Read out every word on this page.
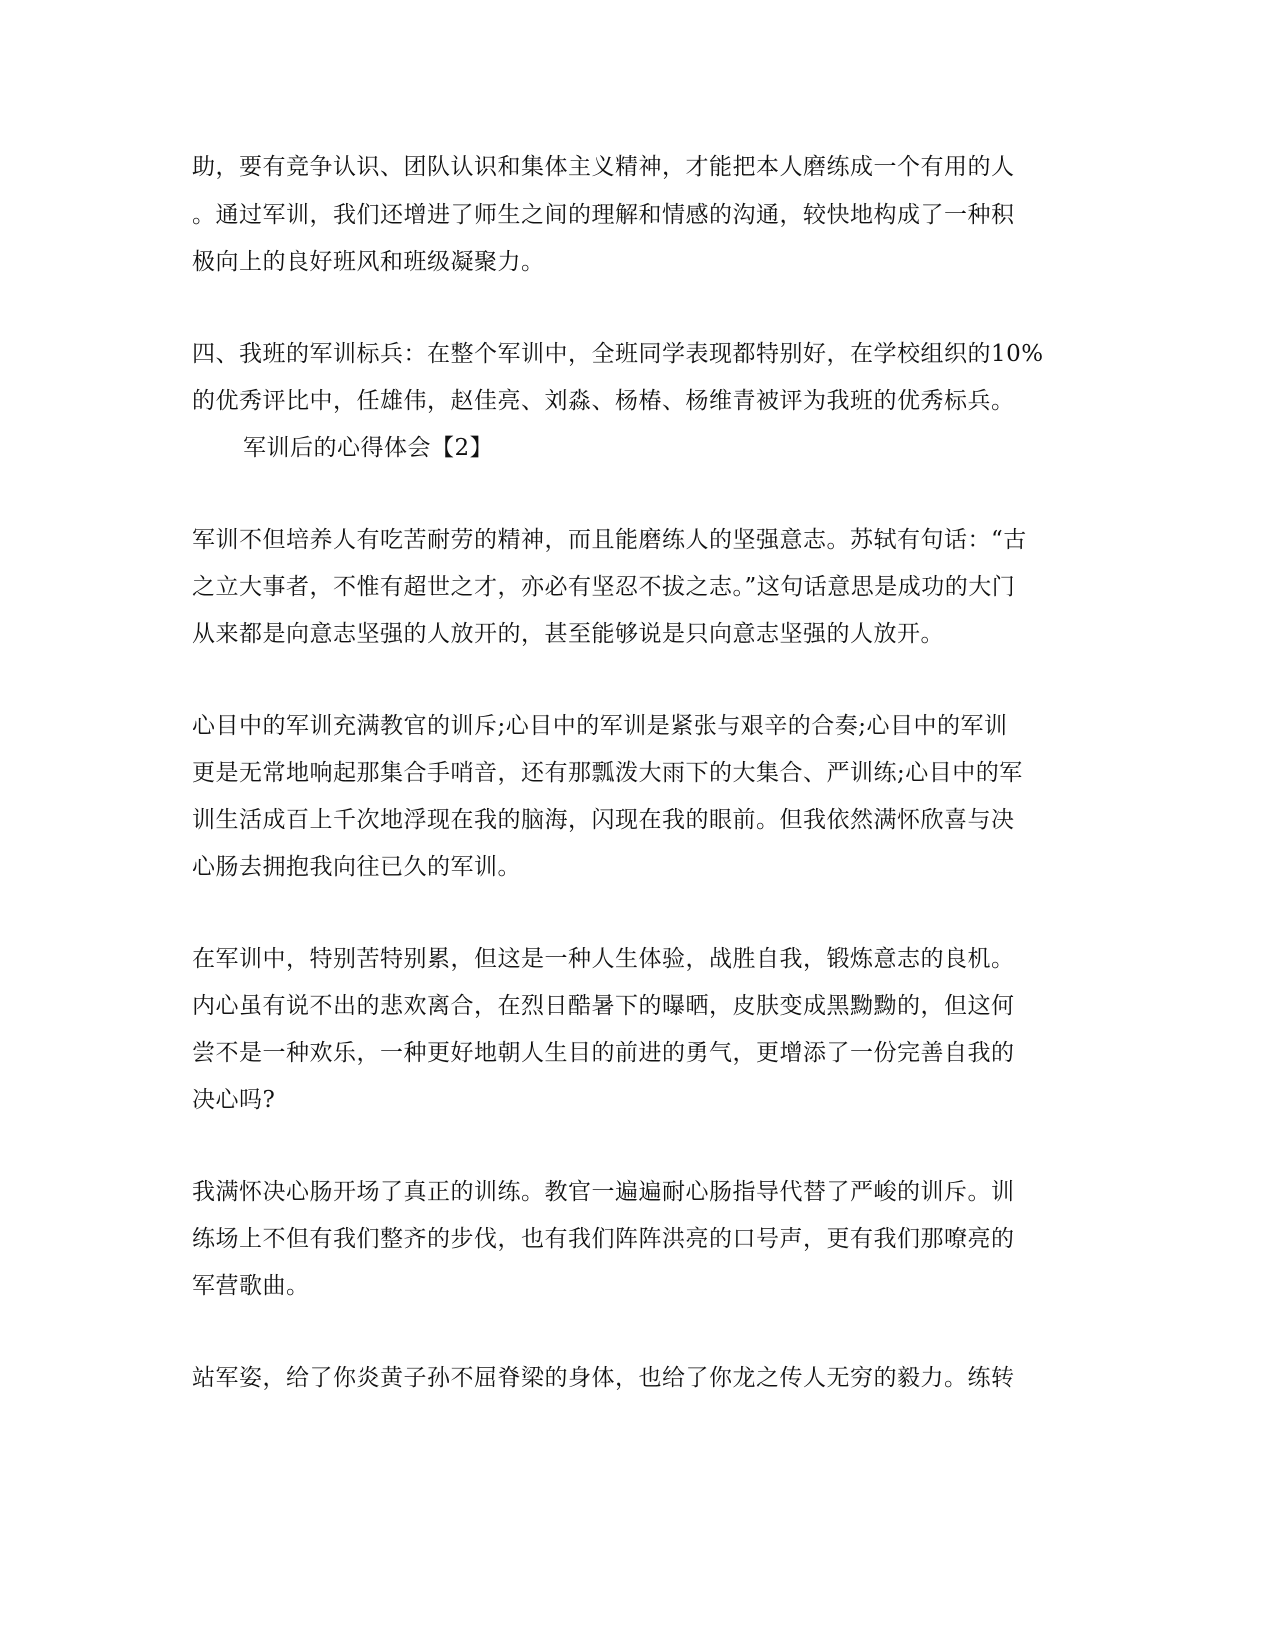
助，要有竞争认识、团队认识和集体主义精神，才能把本人磨练成一个有用的人
。通过军训，我们还增进了师生之间的理解和情感的沟通，较快地构成了一种积
极向上的良好班风和班级凝聚力。
四、我班的军训标兵：在整个军训中，全班同学表现都特别好，在学校组织的10%
的优秀评比中，任雄伟，赵佳亮、刘淼、杨椿、杨维青被评为我班的优秀标兵。
军训后的心得体会【2】
军训不但培养人有吃苦耐劳的精神，而且能磨练人的坚强意志。苏轼有句话：“古
之立大事者，不惟有超世之才，亦必有坚忍不拔之志。”这句话意思是成功的大门
从来都是向意志坚强的人放开的，甚至能够说是只向意志坚强的人放开。
心目中的军训充满教官的训斥;心目中的军训是紧张与艰辛的合奏;心目中的军训
更是无常地响起那集合手哨音，还有那瓢泼大雨下的大集合、严训练;心目中的军
训生活成百上千次地浮现在我的脑海，闪现在我的眼前。但我依然满怀欣喜与决
心肠去拥抱我向往已久的军训。
在军训中，特别苦特别累，但这是一种人生体验，战胜自我，锻炼意志的良机。
内心虽有说不出的悲欢离合，在烈日酷暑下的曝晒，皮肤变成黑黝黝的，但这何
尝不是一种欢乐，一种更好地朝人生目的前进的勇气，更增添了一份完善自我的
决心吗?
我满怀决心肠开场了真正的训练。教官一遍遍耐心肠指导代替了严峻的训斥。训
练场上不但有我们整齐的步伐，也有我们阵阵洪亮的口号声，更有我们那嘹亮的
军营歌曲。
站军姿，给了你炎黄子孙不屈脊梁的身体，也给了你龙之传人无穷的毅力。练转
